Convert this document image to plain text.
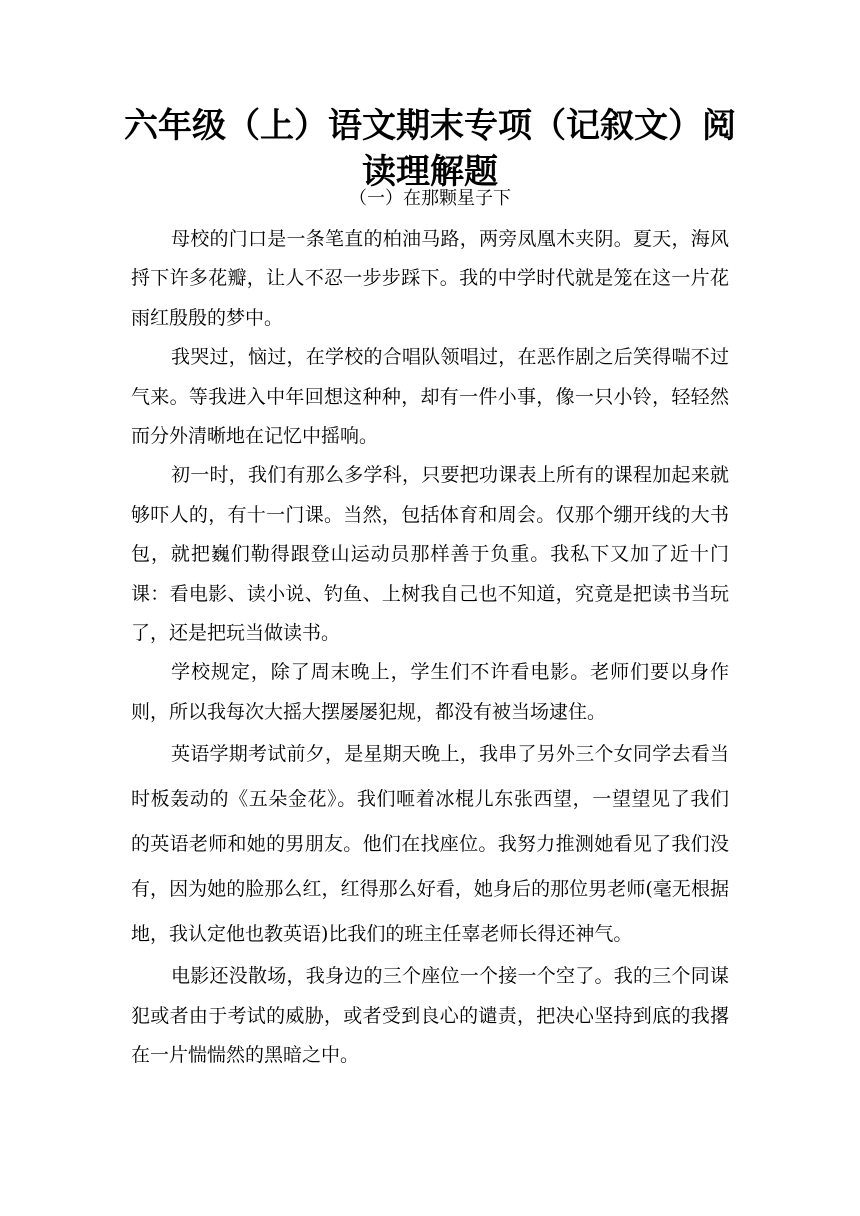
六年级（上）语文期末专项（记叙文）阅读理解题
（一）在那颗星子下

母校的门口是一条笔直的柏油马路，两旁凤凰木夹阴。夏天，海风捋下许多花瓣，让人不忍一步步踩下。我的中学时代就是笼在这一片花雨红殷殷的梦中。

我哭过，恼过，在学校的合唱队领唱过，在恶作剧之后笑得喘不过气来。等我进入中年回想这种种，却有一件小事，像一只小铃，轻轻然而分外清晰地在记忆中摇响。

初一时，我们有那么多学科，只要把功课表上所有的课程加起来就够吓人的，有十一门课。当然，包括体育和周会。仅那个绷开线的大书包，就把巍们勒得跟登山运动员那样善于负重。我私下又加了近十门课：看电影、读小说、钓鱼、上树我自己也不知道，究竟是把读书当玩了，还是把玩当做读书。

学校规定，除了周末晚上，学生们不许看电影。老师们要以身作则，所以我每次大摇大摆屡屡犯规，都没有被当场逮住。

英语学期考试前夕，是星期天晚上，我串了另外三个女同学去看当时板轰动的《五朵金花》。我们咂着冰棍儿东张西望，一望望见了我们的英语老师和她的男朋友。他们在找座位。我努力推测她看见了我们没有，因为她的脸那么红，红得那么好看，她身后的那位男老师(毫无根据地，我认定他也教英语)比我们的班主任辜老师长得还神气。

电影还没散场，我身边的三个座位一个接一个空了。我的三个同谋犯或者由于考试的威胁，或者受到良心的谴责，把决心坚持到底的我撂在一片惴惴然的黑暗之中。
